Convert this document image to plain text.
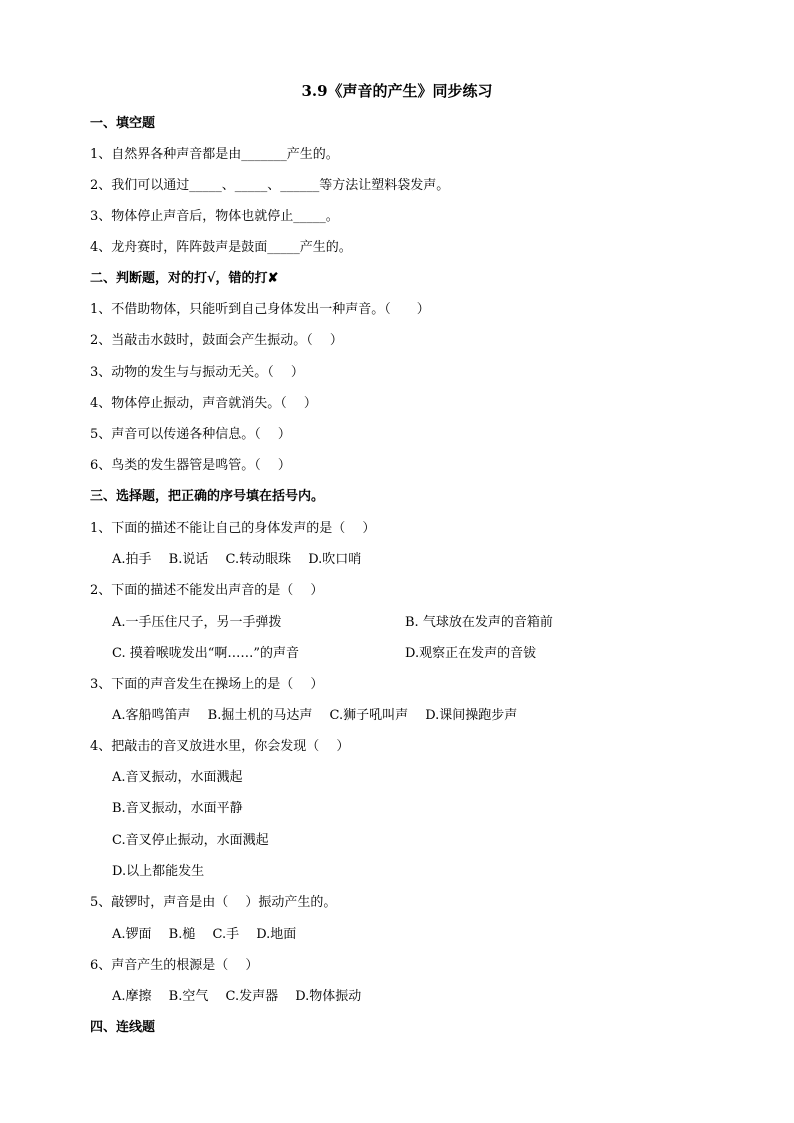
3.9《声音的产生》同步练习
一、填空题
1、自然界各种声音都是由_______产生的。
2、我们可以通过_____、_____、______等方法让塑料袋发声。
3、物体停止声音后，物体也就停止_____。
4、龙舟赛时，阵阵鼓声是鼓面_____产生的。
二、判断题，对的打√，错的打✘
1、不借助物体，只能听到自己身体发出一种声音。（　　）
2、当敲击水鼓时，鼓面会产生振动。（　 ）
3、动物的发生与与振动无关。（　 ）
4、物体停止振动，声音就消失。（　 ）
5、声音可以传递各种信息。（　 ）
6、鸟类的发生器管是鸣管。（　 ）
三、选择题，把正确的序号填在括号内。
1、下面的描述不能让自己的身体发声的是（　 ）
A.拍手　 B.说话　 C.转动眼珠　 D.吹口哨
2、下面的描述不能发出声音的是（　 ）
A.一手压住尺子，另一手弹拨	B. 气球放在发声的音箱前
C. 摸着喉咙发出“啊……”的声音	D.观察正在发声的音钹
3、下面的声音发生在操场上的是（　 ）
A.客船鸣笛声　 B.掘土机的马达声　 C.狮子吼叫声　 D.课间操跑步声
4、把敲击的音叉放进水里，你会发现（　 ）
A.音叉振动，水面溅起
B.音叉振动，水面平静
C.音叉停止振动，水面溅起
D.以上都能发生
5、敲锣时，声音是由（　 ）振动产生的。
A.锣面　 B.槌　 C.手　 D.地面
6、声音产生的根源是（　 ）
A.摩擦　 B.空气　 C.发声器　 D.物体振动
四、连线题
